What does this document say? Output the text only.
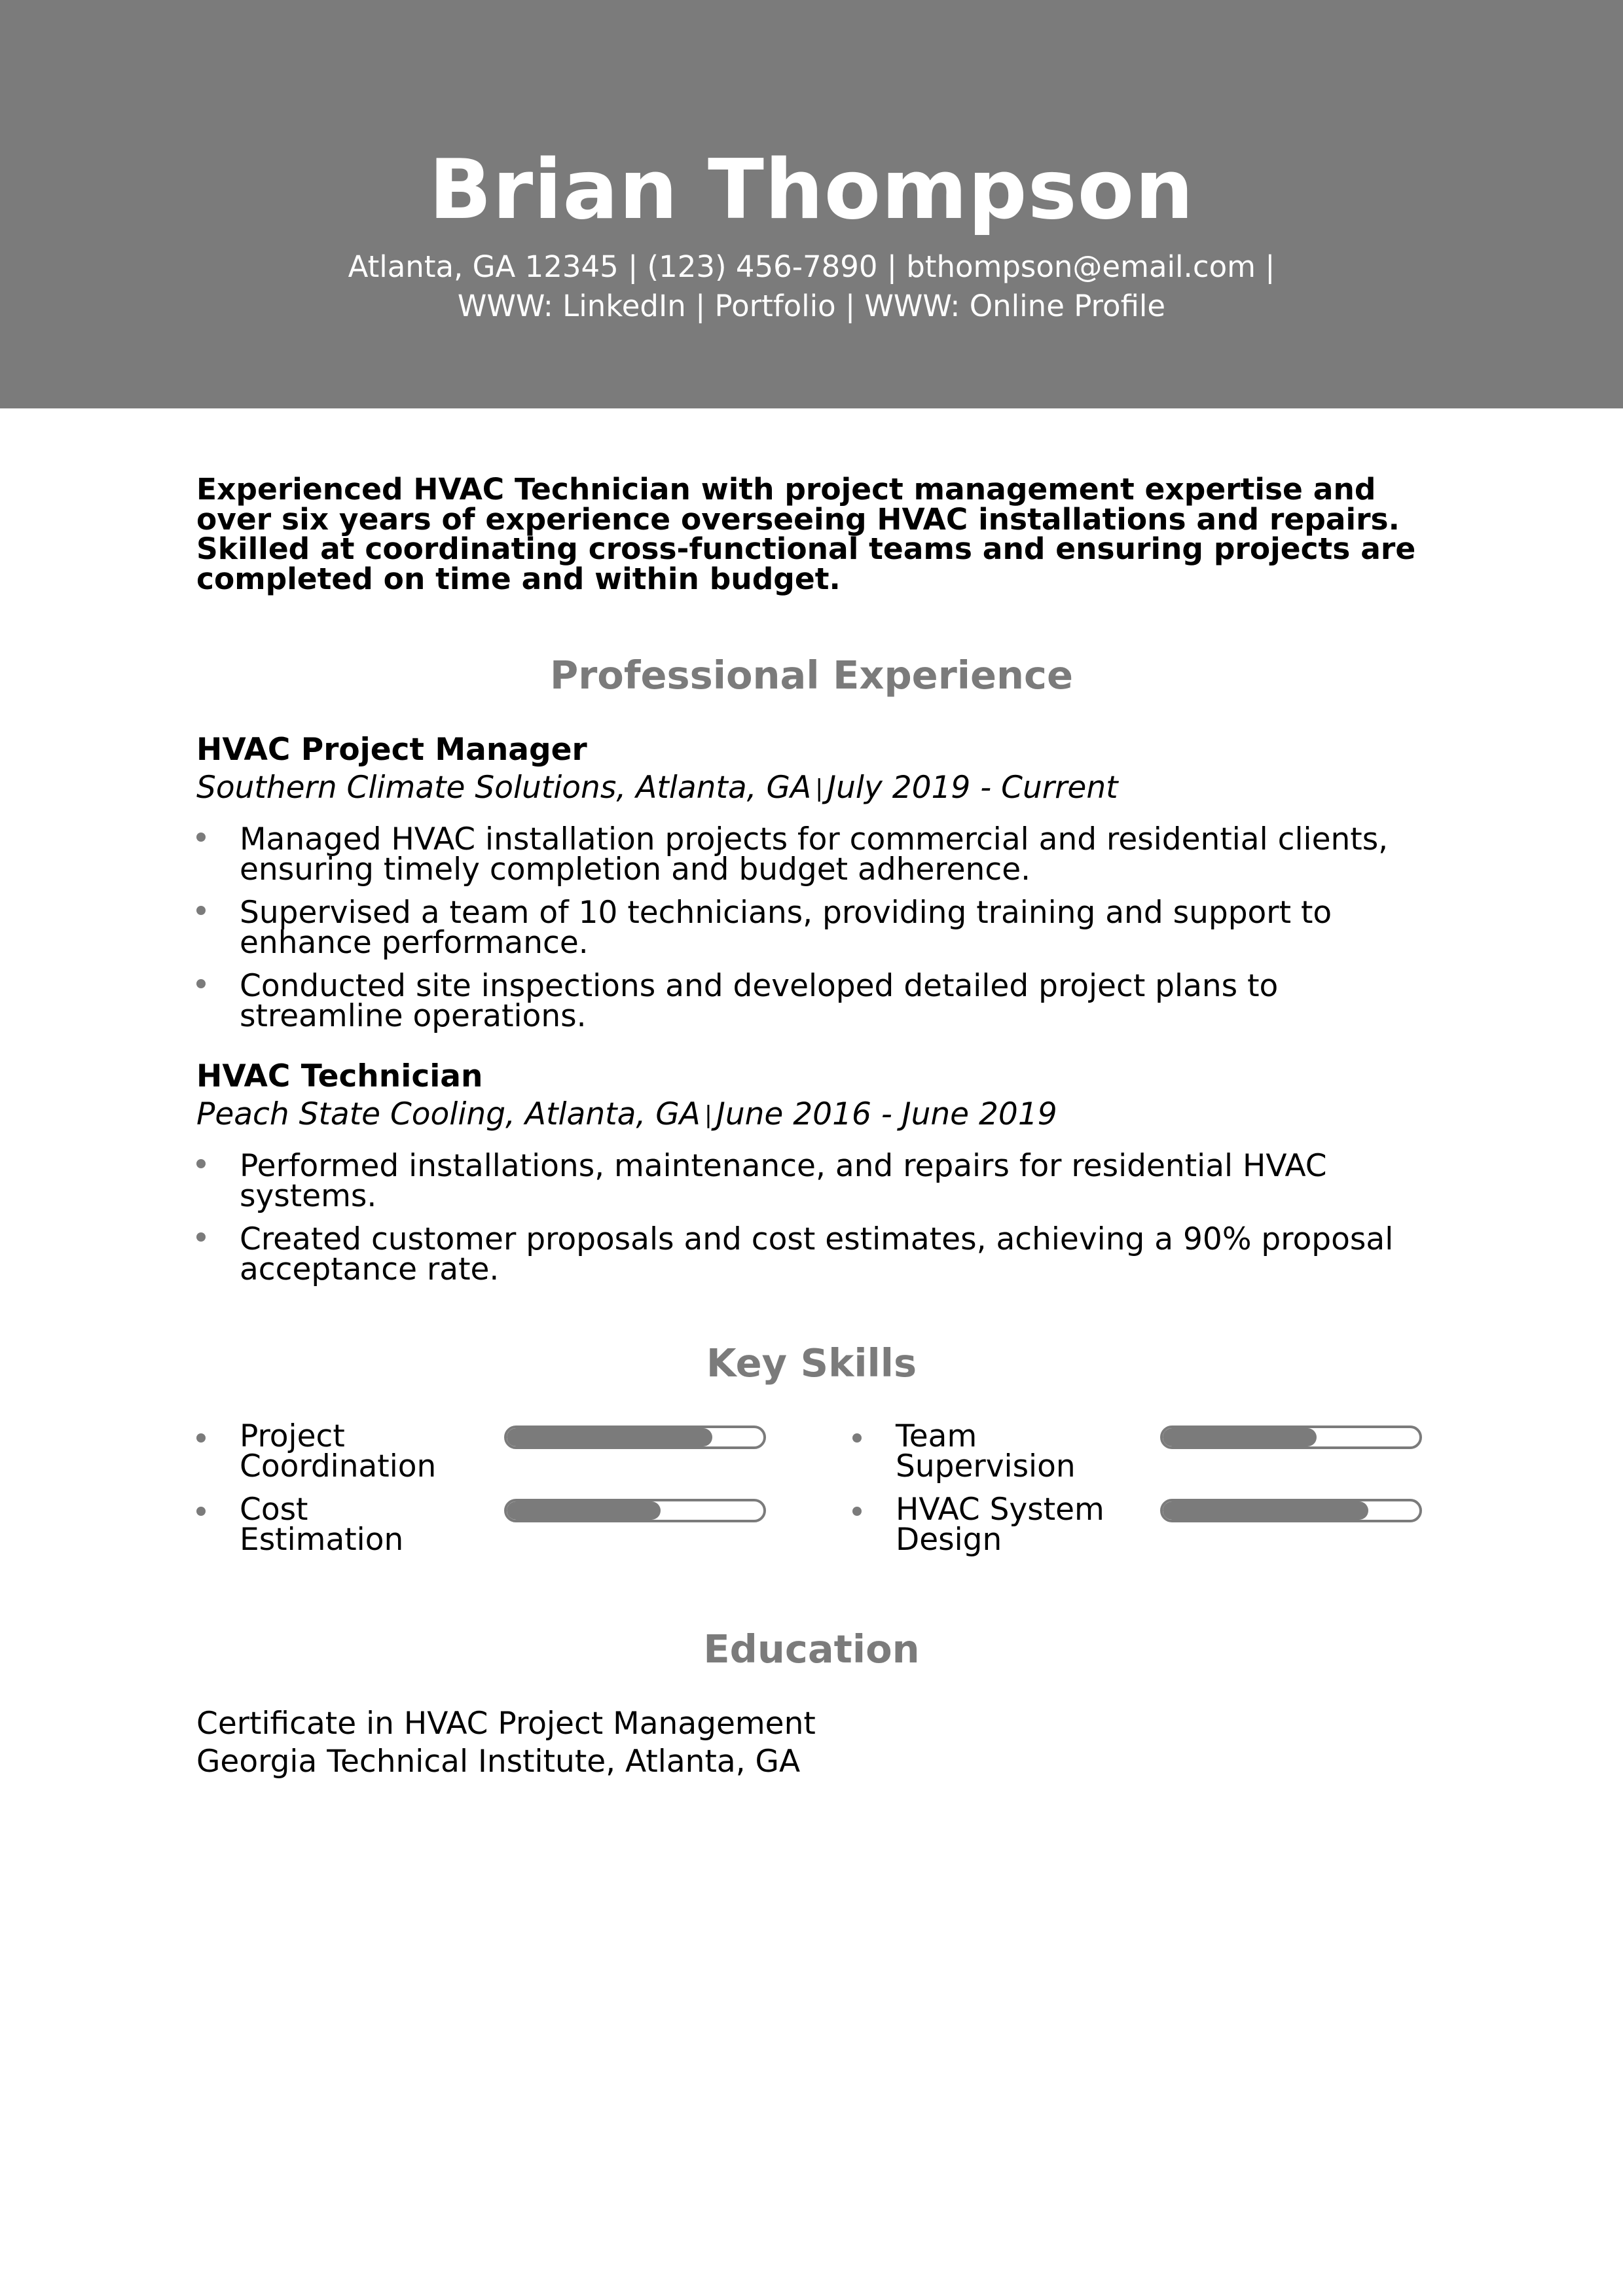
Brian Thompson
Atlanta, GA 12345 | (123) 456-7890 | bthompson@email.com |
WWW: LinkedIn | Portfolio | WWW: Online Profile
Experienced HVAC Technician with project management expertise and over six years of experience overseeing HVAC installations and repairs. Skilled at coordinating cross-functional teams and ensuring projects are completed on time and within budget.
Professional Experience
HVAC Project Manager
Southern Climate Solutions, Atlanta, GA | July 2019 - Current
Managed HVAC installation projects for commercial and residential clients, ensuring timely completion and budget adherence.
Supervised a team of 10 technicians, providing training and support to enhance performance.
Conducted site inspections and developed detailed project plans to streamline operations.
HVAC Technician
Peach State Cooling, Atlanta, GA | June 2016 - June 2019
Performed installations, maintenance, and repairs for residential HVAC systems.
Created customer proposals and cost estimates, achieving a 90% proposal acceptance rate.
Key Skills
Project Coordination
Team Supervision
Cost Estimation
HVAC System Design
Education
Certificate in HVAC Project Management
Georgia Technical Institute, Atlanta, GA
